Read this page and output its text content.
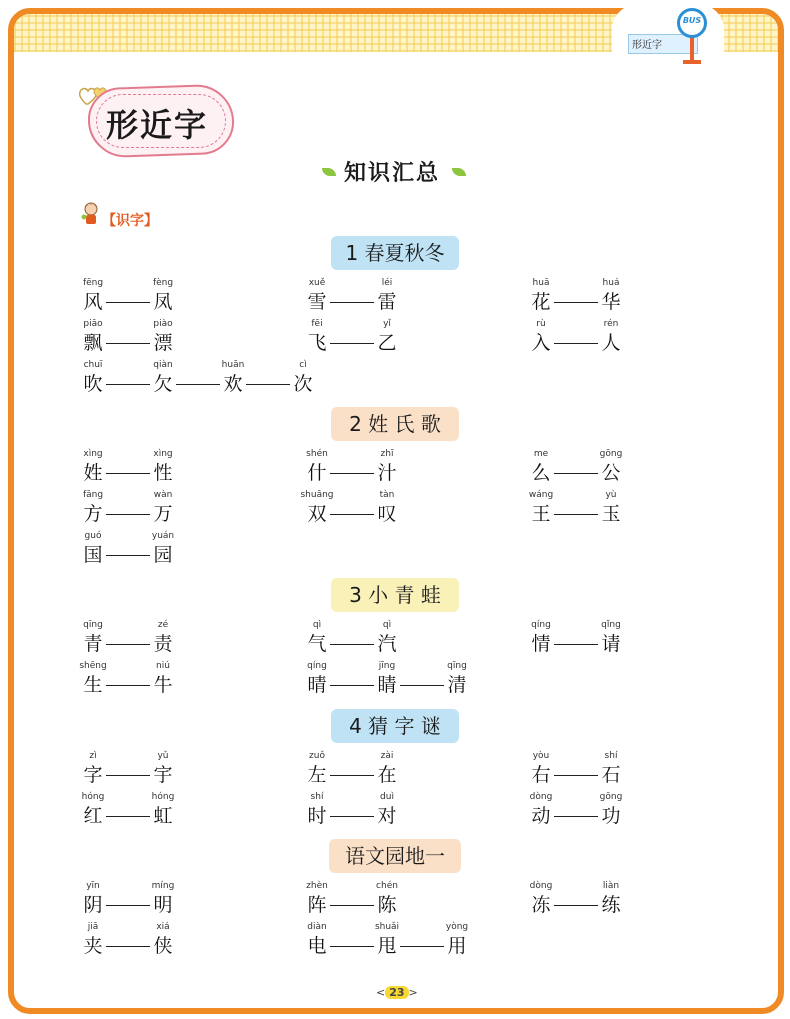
形近字
BUS
形近字
知识汇总
【识字】
1 春夏秋冬
fēng
风
fèng
凤
xuě
雪
léi
雷
huā
花
huá
华
piāo
飘
piào
漂
fēi
飞
yǐ
乙
rù
入
rén
人
chuī
吹
qiàn
欠
huān
欢
cì
次
2 姓 氏 歌
xìng
姓
xìng
性
shén
什
zhī
汁
me
么
gōng
公
fāng
方
wàn
万
shuāng
双
tàn
叹
wáng
王
yù
玉
guó
国
yuán
园
3 小 青 蛙
qīng
青
zé
责
qì
气
qì
汽
qíng
情
qǐng
请
shēng
生
niú
牛
qíng
晴
jīng
睛
qīng
清
4 猜 字 谜
zì
字
yǔ
宇
zuǒ
左
zài
在
yòu
右
shí
石
hóng
红
hóng
虹
shí
时
duì
对
dòng
动
gōng
功
语文园地一
yīn
阴
míng
明
zhèn
阵
chén
陈
dòng
冻
liàn
练
jiā
夹
xiá
侠
diàn
电
shuǎi
甩
yòng
用
< 23 >
